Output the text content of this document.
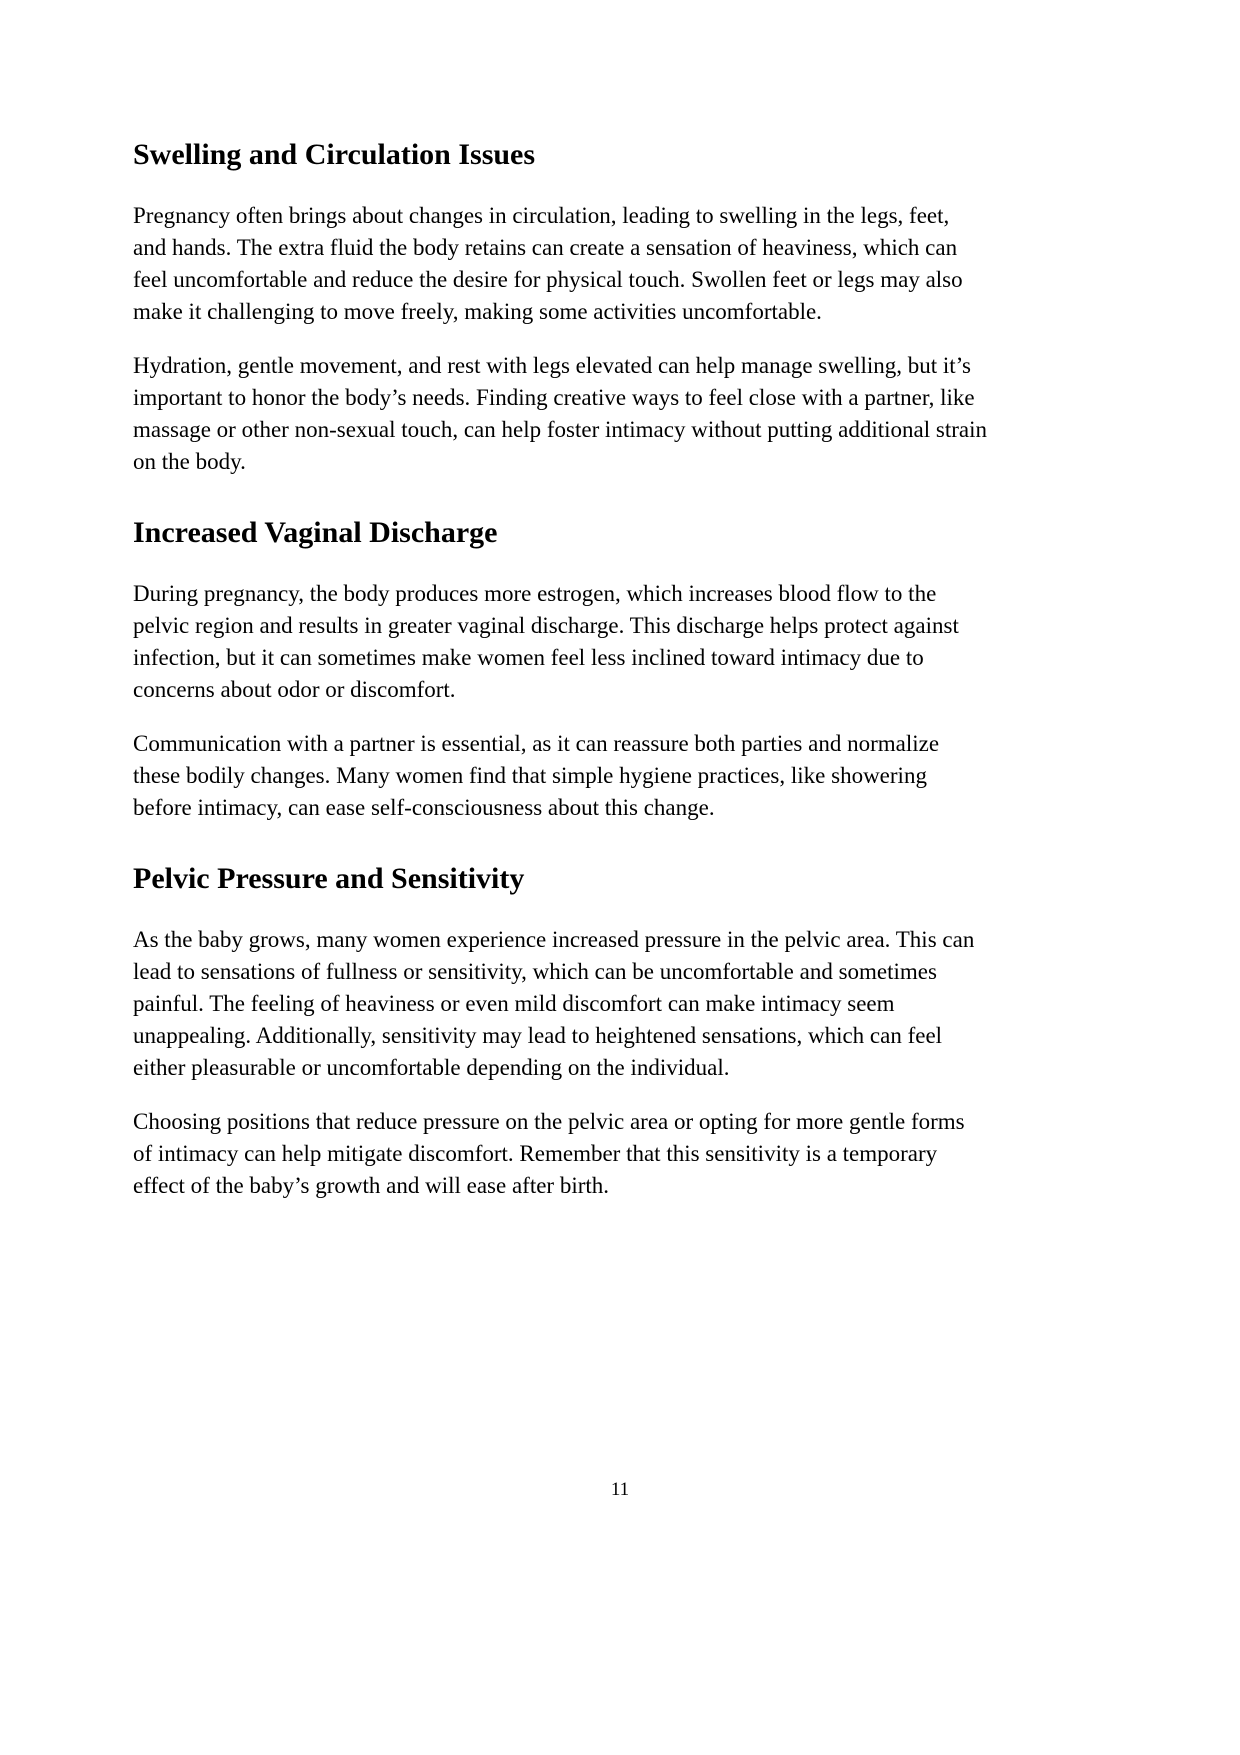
Swelling and Circulation Issues

Pregnancy often brings about changes in circulation, leading to swelling in the legs, feet, and hands. The extra fluid the body retains can create a sensation of heaviness, which can feel uncomfortable and reduce the desire for physical touch. Swollen feet or legs may also make it challenging to move freely, making some activities uncomfortable.

Hydration, gentle movement, and rest with legs elevated can help manage swelling, but it’s important to honor the body’s needs. Finding creative ways to feel close with a partner, like massage or other non-sexual touch, can help foster intimacy without putting additional strain on the body.

Increased Vaginal Discharge

During pregnancy, the body produces more estrogen, which increases blood flow to the pelvic region and results in greater vaginal discharge. This discharge helps protect against infection, but it can sometimes make women feel less inclined toward intimacy due to concerns about odor or discomfort.

Communication with a partner is essential, as it can reassure both parties and normalize these bodily changes. Many women find that simple hygiene practices, like showering before intimacy, can ease self-consciousness about this change.

Pelvic Pressure and Sensitivity

As the baby grows, many women experience increased pressure in the pelvic area. This can lead to sensations of fullness or sensitivity, which can be uncomfortable and sometimes painful. The feeling of heaviness or even mild discomfort can make intimacy seem unappealing. Additionally, sensitivity may lead to heightened sensations, which can feel either pleasurable or uncomfortable depending on the individual.

Choosing positions that reduce pressure on the pelvic area or opting for more gentle forms of intimacy can help mitigate discomfort. Remember that this sensitivity is a temporary effect of the baby’s growth and will ease after birth.

11
